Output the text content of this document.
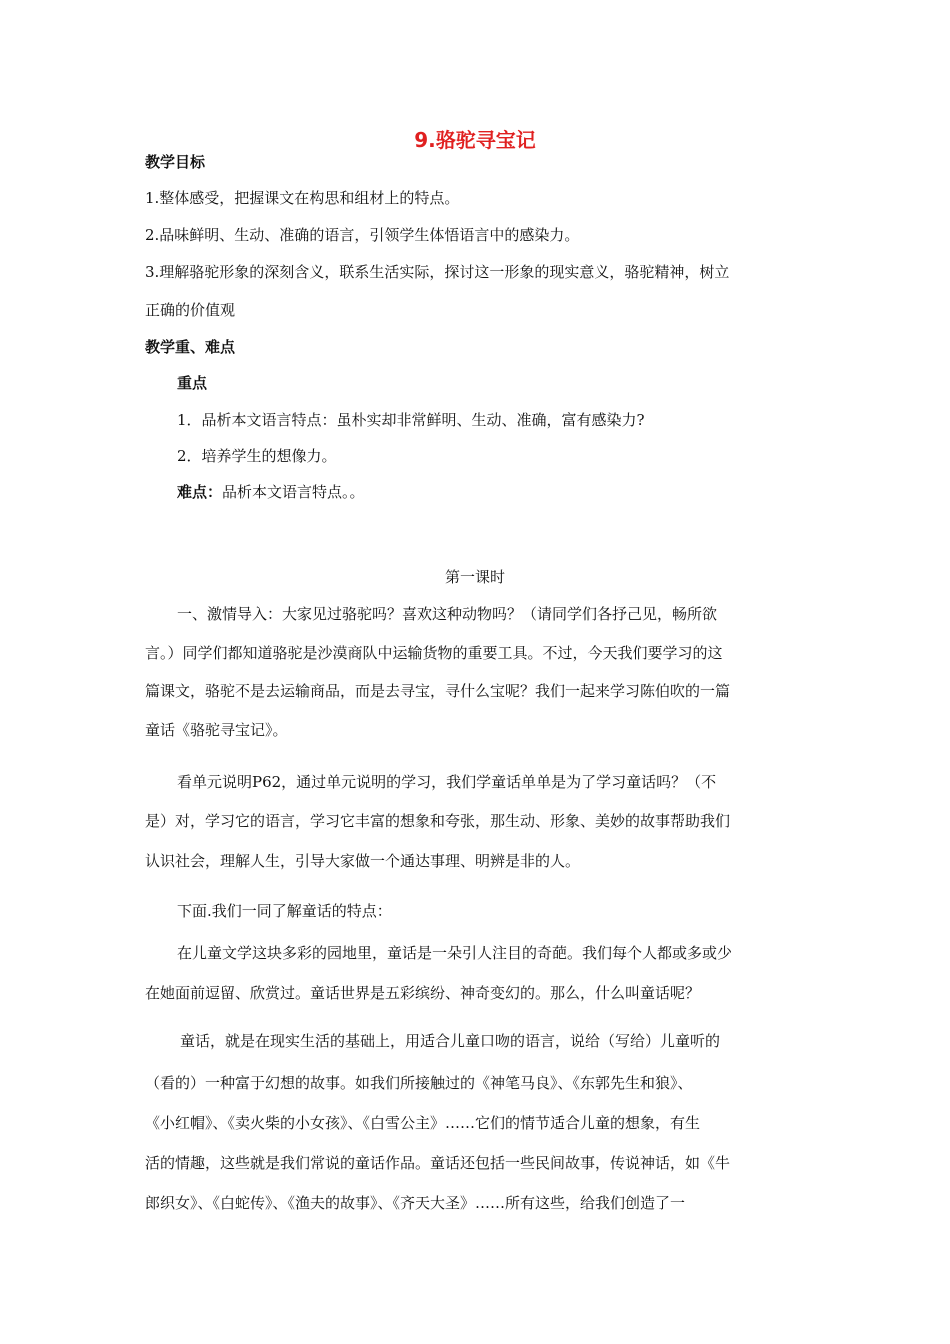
9.骆驼寻宝记
教学目标
1.整体感受，把握课文在构思和组材上的特点。
2.品味鲜明、生动、准确的语言，引领学生体悟语言中的感染力。
3.理解骆驼形象的深刻含义，联系生活实际，探讨这一形象的现实意义，骆驼精神，树立
正确的价值观
教学重、难点
重点
1．品析本文语言特点：虽朴实却非常鲜明、生动、准确，富有感染力?
2．培养学生的想像力。
难点：品析本文语言特点。。
第一课时
一、激情导入：大家见过骆驼吗？喜欢这种动物吗？（请同学们各抒己见，畅所欲
言。）同学们都知道骆驼是沙漠商队中运输货物的重要工具。不过，今天我们要学习的这
篇课文，骆驼不是去运输商品，而是去寻宝，寻什么宝呢？我们一起来学习陈伯吹的一篇
童话《骆驼寻宝记》。
看单元说明P62，通过单元说明的学习，我们学童话单单是为了学习童话吗？（不
是）对，学习它的语言，学习它丰富的想象和夸张，那生动、形象、美妙的故事帮助我们
认识社会，理解人生，引导大家做一个通达事理、明辨是非的人。
下面.我们一同了解童话的特点：
在儿童文学这块多彩的园地里，童话是一朵引人注目的奇葩。我们每个人都或多或少
在她面前逗留、欣赏过。童话世界是五彩缤纷、神奇变幻的。那么，什么叫童话呢？
童话，就是在现实生活的基础上，用适合儿童口吻的语言，说给（写给）儿童听的
（看的）一种富于幻想的故事。如我们所接触过的《神笔马良》、《东郭先生和狼》、
《小红帽》、《卖火柴的小女孩》、《白雪公主》……它们的情节适合儿童的想象，有生
活的情趣，这些就是我们常说的童话作品。童话还包括一些民间故事，传说神话，如《牛
郎织女》、《白蛇传》、《渔夫的故事》、《齐天大圣》……所有这些，给我们创造了一
